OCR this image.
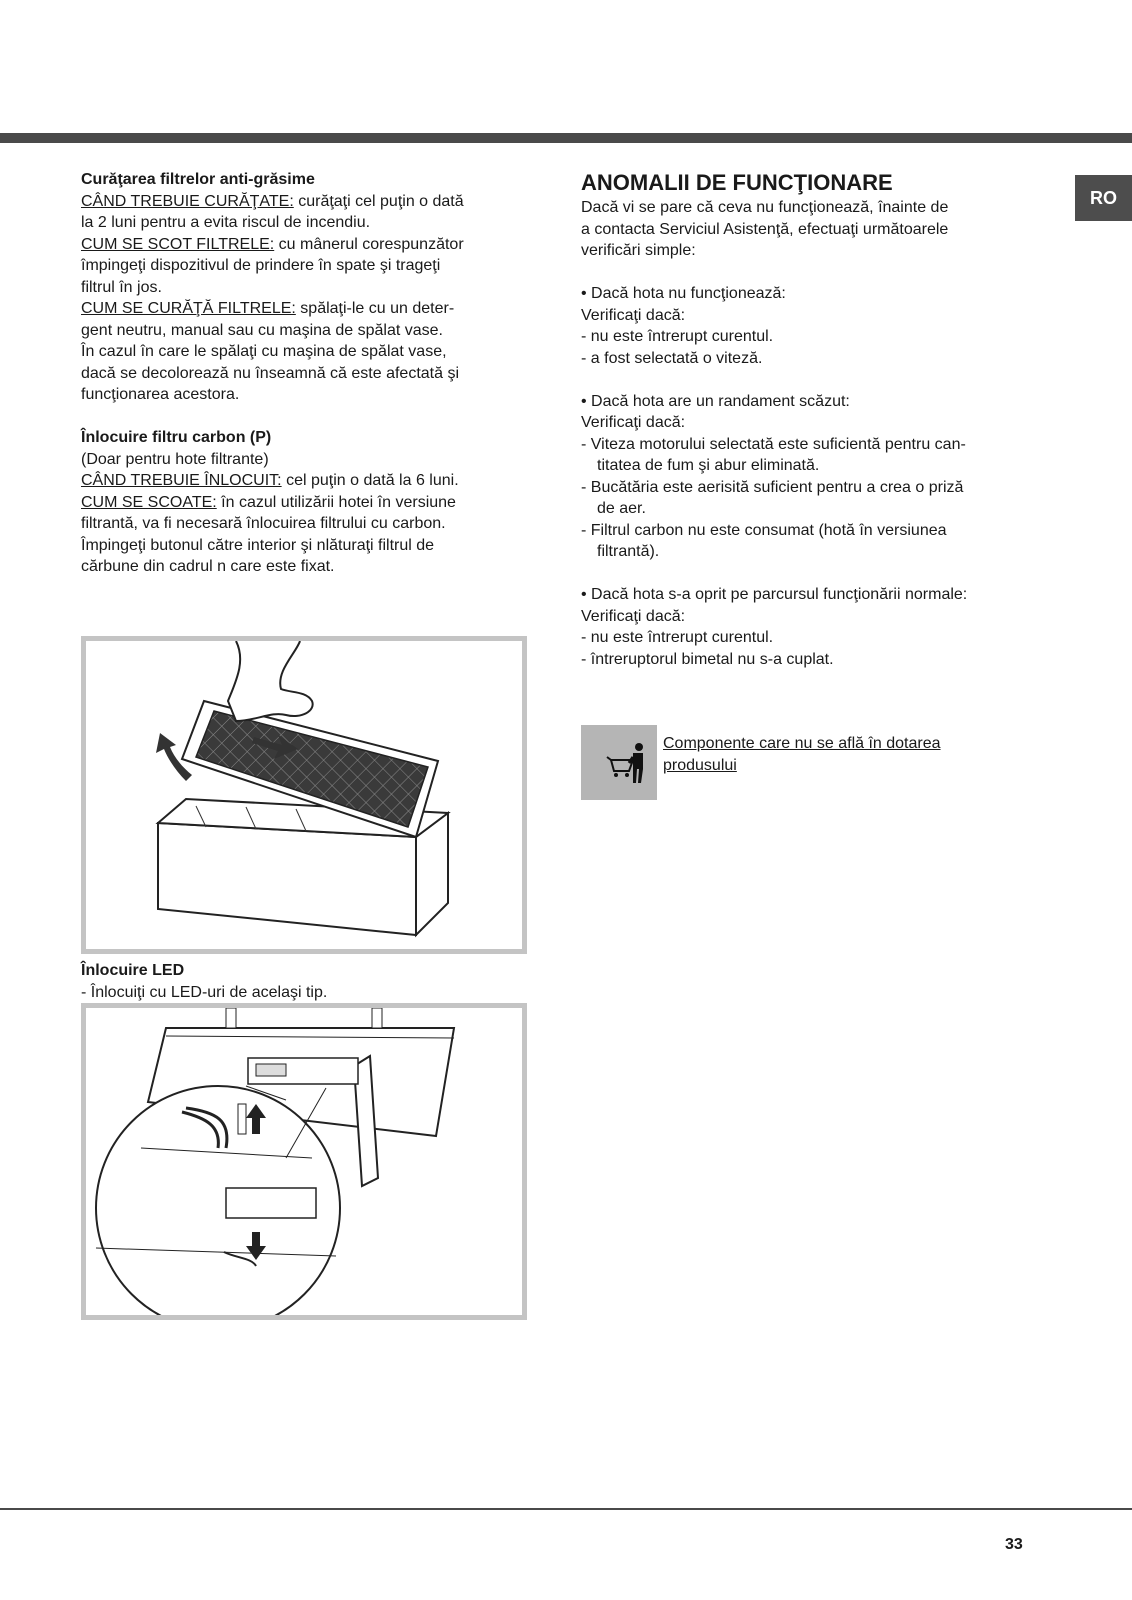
RO

Curăţarea filtrelor anti-grăsime

CÂND TREBUIE CURĂŢATE: curăţaţi cel puţin o dată

la 2 luni pentru a evita riscul de incendiu.

CUM SE SCOT FILTRELE: cu mânerul corespunzător

împingeţi dispozitivul de prindere în spate şi trageţi

filtrul în jos.

CUM SE CURĂŢĂ FILTRELE: spălaţi-le cu un deter-

gent neutru, manual sau cu maşina de spălat vase.

În cazul în care le spălaţi cu maşina de spălat vase,

dacă se decolorează nu înseamnă că este afectată şi

funcţionarea acestora.

Înlocuire filtru carbon (P)

(Doar pentru hote filtrante)

CÂND TREBUIE ÎNLOCUIT: cel puţin o dată la 6 luni.

CUM SE SCOATE: în cazul utilizării hotei în versiune

filtrantă, va fi necesară înlocuirea filtrului cu carbon.

Împingeţi butonul către interior şi nlăturaţi filtrul de

cărbune din cadrul n care este fixat.

Înlocuire LED
- Înlocuiţi cu LED-uri de acelaşi tip.

ANOMALII DE FUNCŢIONARE

Dacă vi se pare că ceva nu funcţionează, înainte de

a contacta Serviciul Asistenţă, efectuaţi următoarele

verificări simple:

• Dacă hota nu funcţionează:

Verificaţi dacă:

- nu este întrerupt curentul.

- a fost selectată o viteză.

• Dacă hota are un randament scăzut:

Verificaţi dacă:

- Viteza motorului selectată este suficientă pentru can-

titatea de fum şi abur eliminată.

- Bucătăria este aerisită suficient pentru a crea o priză

de aer.

- Filtrul carbon nu este consumat (hotă în versiunea

filtrantă).

• Dacă hota s-a oprit pe parcursul funcţionării normale:

Verificaţi dacă:

- nu este întrerupt curentul.

- întreruptorul bimetal nu s-a cuplat.

Componente care nu se află în dotarea
produsului
33
